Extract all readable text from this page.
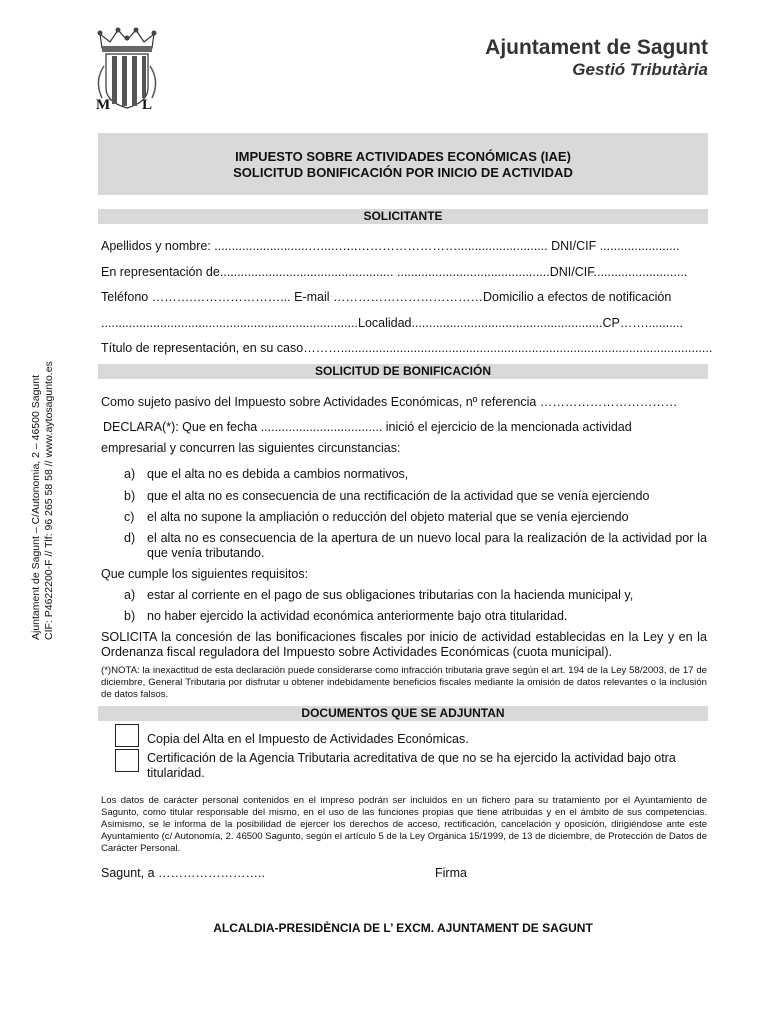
M L
Ajuntament de Sagunt
Gestió Tributària
IMPUESTO SOBRE ACTIVIDADES ECONÓMICAS (IAE)
SOLICITUD BONIFICACIÓN POR INICIO DE ACTIVIDAD
Ajuntament de Sagunt – C/Autonomia, 2 – 46500 Sagunt CIF: P4622200-F // Tlf: 96 265 58 58 // www.aytosagunto.es
SOLICITANTE
Apellidos y nombre: ...........................…....…...…………………….......................... DNI/CIF .......................
En representación de.................................................. ............................................DNI/CIF...........................
Teléfono ……….…………………... E-mail ………………………………Domicilio a efectos de notificación
..........................................................................Localidad.......................................................CP……...........
Título de representación, en su caso………...........................................................................................................
SOLICITUD DE BONIFICACIÓN
Como sujeto pasivo del Impuesto sobre Actividades Económicas, nº referencia ……………………………
DECLARA(*): Que en fecha ................................... inició el ejercicio de la mencionada actividad
empresarial y concurren las siguientes circunstancias:
a) que el alta no es debida a cambios normativos,
b) que el alta no es consecuencia de una rectificación de la actividad que se venía ejerciendo
c) el alta no supone la ampliación o reducción del objeto material que se venía ejerciendo
d) el alta no es consecuencia de la apertura de un nuevo local para la realización de la actividad por la que venía tributando.
Que cumple los siguientes requisitos:
a) estar al corriente en el pago de sus obligaciones tributarias con la hacienda municipal y,
b) no haber ejercido la actividad económica anteriormente bajo otra titularidad.
SOLICITA la concesión de las bonificaciones fiscales por inicio de actividad establecidas en la Ley y en la Ordenanza fiscal reguladora del Impuesto sobre Actividades Económicas (cuota municipal).
(*)NOTA: la inexactitud de esta declaración puede considerarse como infracción tributaria grave según el art. 194 de la Ley 58/2003, de 17 de diciembre, General Tributaria por disfrutar u obtener indebidamente beneficios fiscales mediante la omisión de datos relevantes o la inclusión de datos falsos.
DOCUMENTOS QUE SE ADJUNTAN
Copia del Alta en el Impuesto de Actividades Económicas.
Certificación de la Agencia Tributaria acreditativa de que no se ha ejercido la actividad bajo otra titularidad.
Los datos de carácter personal contenidos en el impreso podrán ser incluidos en un fichero para su tratamiento por el Ayuntamiento de Sagunto, como titular responsable del mismo, en el uso de las funciones propias que tiene atribuidas y en el ámbito de sus competencias. Asimismo, se le informa de la posibilidad de ejercer los derechos de acceso, rectificación, cancelación y oposición, dirigiéndose ante este Ayuntamiento (c/ Autonomía, 2. 46500 Sagunto, según el artículo 5 de la Ley Orgánica 15/1999, de 13 de diciembre, de Protección de Datos de Carácter Personal.
Sagunt, a ……………………..	Firma
ALCALDIA-PRESIDÈNCIA DE L’ EXCM. AJUNTAMENT DE SAGUNT
